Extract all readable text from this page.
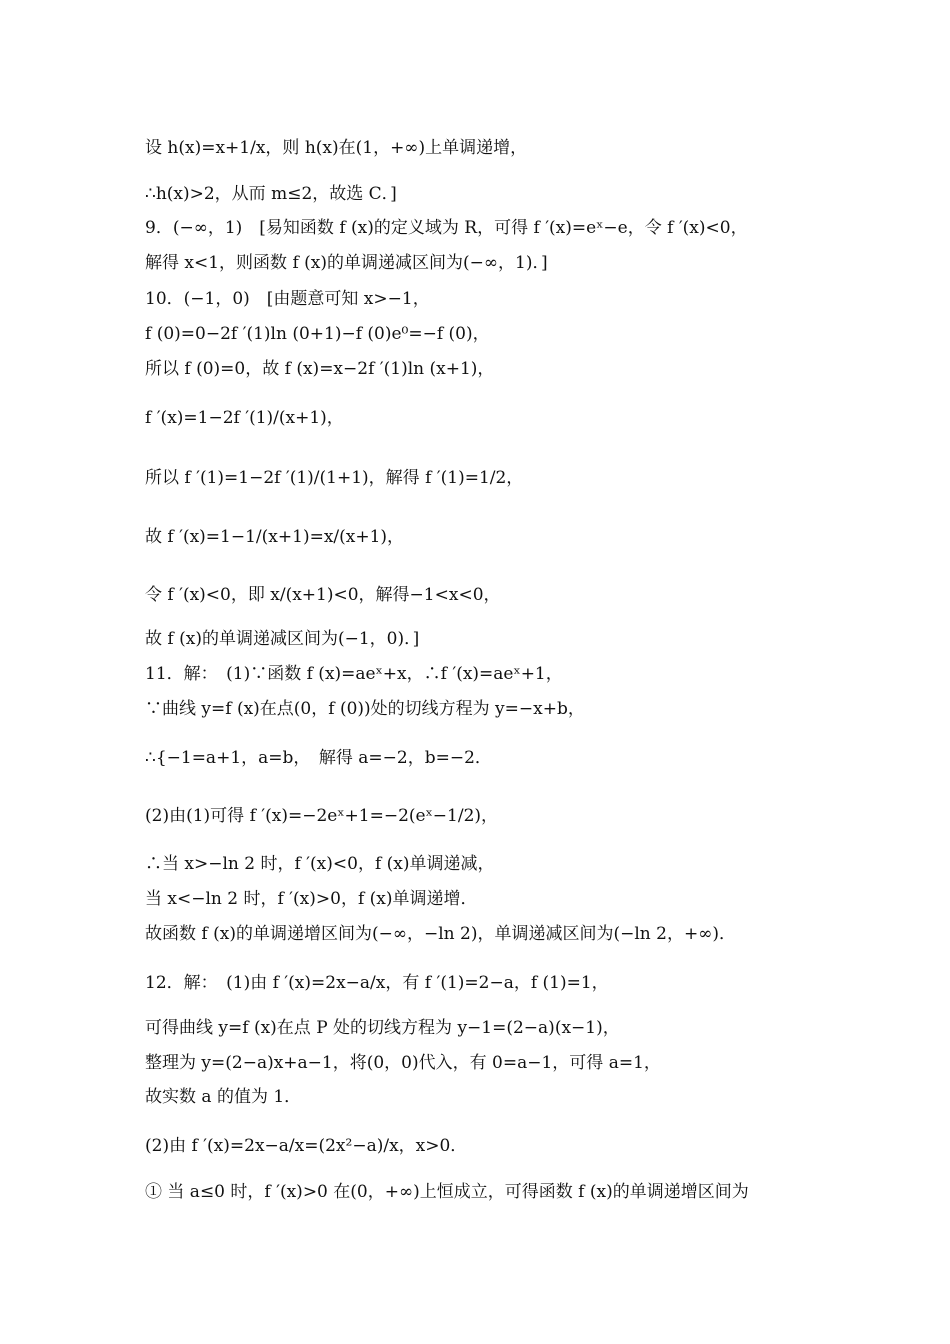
设 h(x)=x+1/x，则 h(x)在(1，+∞)上单调递增，
∴h(x)>2，从而 m≤2，故选 C．]
9．(−∞，1)　[易知函数 f (x)的定义域为 R，可得 f ′(x)=eˣ−e，令 f ′(x)<0，
解得 x<1，则函数 f (x)的单调递减区间为(−∞，1)．]
10．(−1，0)　[由题意可知 x>−1，
f (0)=0−2f ′(1)ln (0+1)−f (0)e⁰=−f (0)，
所以 f (0)=0，故 f (x)=x−2f ′(1)ln (x+1)，
f ′(x)=1−2f ′(1)/(x+1)，
所以 f ′(1)=1−2f ′(1)/(1+1)，解得 f ′(1)=1/2，
故 f ′(x)=1−1/(x+1)=x/(x+1)，
令 f ′(x)<0，即 x/(x+1)<0，解得−1<x<0，
故 f (x)的单调递减区间为(−1，0)．]
11．解：　(1)∵函数 f (x)=aeˣ+x，∴f ′(x)=aeˣ+1，
∵曲线 y=f (x)在点(0，f (0))处的切线方程为 y=−x+b，
∴{−1=a+1，a=b，　解得 a=−2，b=−2．
(2)由(1)可得 f ′(x)=−2eˣ+1=−2(eˣ−1/2)，
∴当 x>−ln 2 时，f ′(x)<0，f (x)单调递减，
当 x<−ln 2 时，f ′(x)>0，f (x)单调递增．
故函数 f (x)的单调递增区间为(−∞，−ln 2)，单调递减区间为(−ln 2，+∞)．
12．解：　(1)由 f ′(x)=2x−a/x，有 f ′(1)=2−a，f (1)=1，
可得曲线 y=f (x)在点 P 处的切线方程为 y−1=(2−a)(x−1)，
整理为 y=(2−a)x+a−1，将(0，0)代入，有 0=a−1，可得 a=1，
故实数 a 的值为 1．
(2)由 f ′(x)=2x−a/x=(2x²−a)/x，x>0．
① 当 a≤0 时，f ′(x)>0 在(0，+∞)上恒成立，可得函数 f (x)的单调递增区间为
